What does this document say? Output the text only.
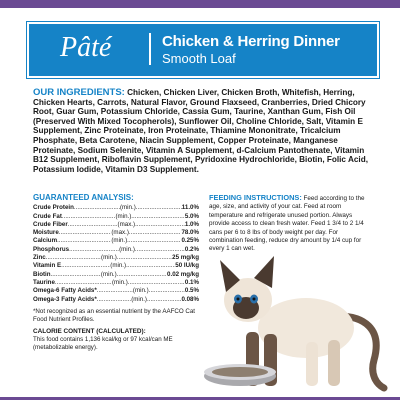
Pâté	Chicken & Herring Dinner
Smooth Loaf
OUR INGREDIENTS: Chicken, Chicken Liver, Chicken Broth, Whitefish, Herring, Chicken Hearts, Carrots, Natural Flavor, Ground Flaxseed, Cranberries, Dried Chicory Root, Guar Gum, Potassium Chloride, Cassia Gum, Taurine, Xanthan Gum, Fish Oil (Preserved With Mixed Tocopherols), Sunflower Oil, Choline Chloride, Salt, Vitamin E Supplement, Zinc Proteinate, Iron Proteinate, Thiamine Mononitrate, Tricalcium Phosphate, Beta Carotene, Niacin Supplement, Copper Proteinate, Manganese Proteinate, Sodium Selenite, Vitamin A Supplement, d-Calcium Pantothenate, Vitamin B12 Supplement, Riboflavin Supplement, Pyridoxine Hydrochloride, Biotin, Folic Acid, Potassium Iodide, Vitamin D3 Supplement.
GUARANTEED ANALYSIS:
Crude Protein .....	(min.) .....	11.0%
Crude Fat .....	(min.) .....	5.0%
Crude Fiber .....	(max.) .....	1.0%
Moisture .....	(max.) .....	78.0%
Calcium .....	(min.) .....	0.25%
Phosphorus .....	(min.) .....	0.2%
Zinc .....	(min.) .....	25 mg/kg
Vitamin E .....	(min.) .....	50 IU/kg
Biotin .....	(min.) .....	0.02 mg/kg
Taurine .....	(min.) .....	0.1%
Omega-6 Fatty Acids* .....	(min.) .....	0.5%
Omega-3 Fatty Acids* .....	(min.) .....	0.08%
*Not recognized as an essential nutrient by the AAFCO Cat Food Nutrient Profiles.
CALORIE CONTENT (CALCULATED):
This food contains 1,136 kcal/kg or 97 kcal/can ME (metabolizable energy).
FEEDING INSTRUCTIONS: Feed according to the age, size, and activity of your cat. Feed at room temperature and refrigerate unused portion. Always provide access to clean fresh water. Feed 1 3/4 to 2 1/4 cans per 6 to 8 lbs of body weight per day. For combination feeding, reduce dry amount by 1/4 cup for every 1 can wet.
